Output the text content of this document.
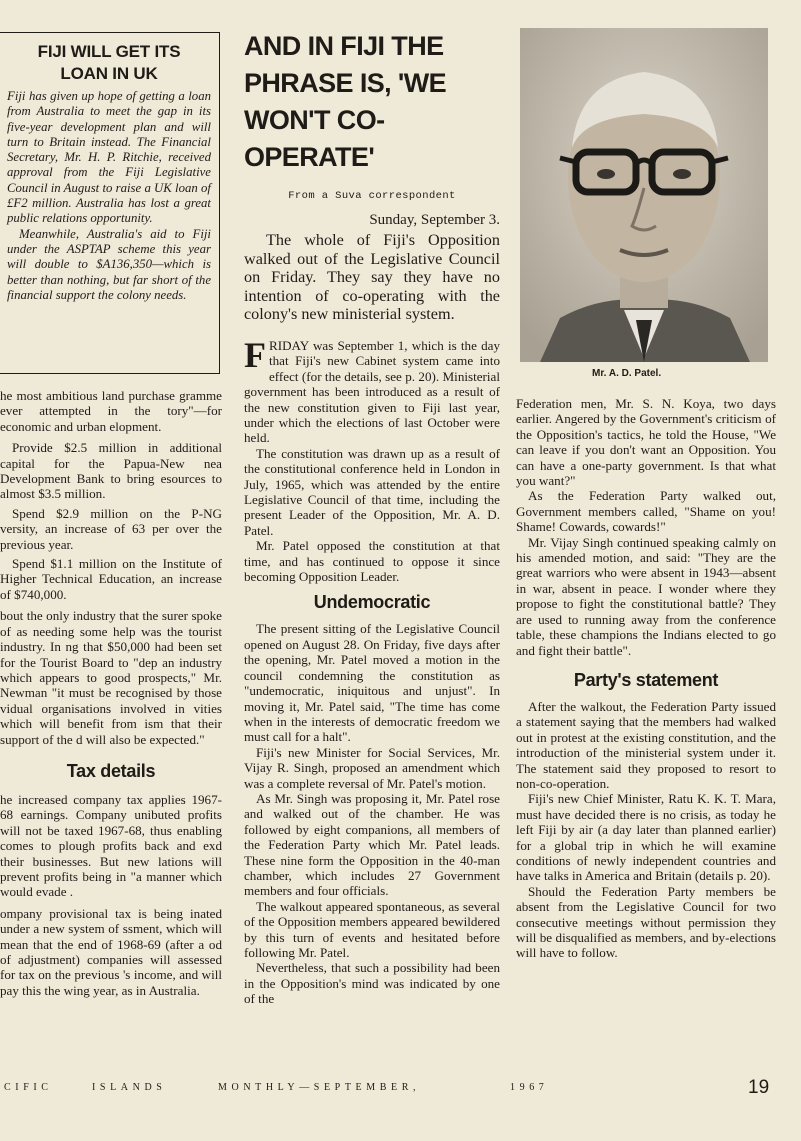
FIJI WILL GET ITS LOAN IN UK

Fiji has given up hope of getting a loan from Australia to meet the gap in its five-year development plan and will turn to Britain instead. The Financial Secretary, Mr. H. P. Ritchie, received approval from the Fiji Legislative Council in August to raise a UK loan of £F2 million. Australia has lost a great public relations opportunity.

Meanwhile, Australia's aid to Fiji under the ASPTAP scheme this year will double to $A136,350—which is better than nothing, but far short of the financial support the colony needs.

he most ambitious land purchase gramme ever attempted in the tory"—for economic and urban elopment.

Provide $2.5 million in additional capital for the Papua-New nea Development Bank to bring esources to almost $3.5 million.

Spend $2.9 million on the P-NG versity, an increase of 63 per over the previous year.

Spend $1.1 million on the Institute of Higher Technical Education, an increase of $740,000.

bout the only industry that the surer spoke of as needing some help was the tourist industry. In ng that $50,000 had been set for the Tourist Board to "dep an industry which appears to good prospects," Mr. Newman "it must be recognised by those vidual organisations involved in vities which will benefit from ism that their support of the d will also be expected."

Tax details

he increased company tax applies 1967-68 earnings. Company unibuted profits will not be taxed 1967-68, thus enabling comes to plough profits back and exd their businesses. But new lations will prevent profits being in "a manner which would evade .

ompany provisional tax is being inated under a new system of ssment, which will mean that the end of 1968-69 (after a od of adjustment) companies will assessed for tax on the previous 's income, and will pay this the wing year, as in Australia.

AND IN FIJI THE PHRASE IS, 'WE WON'T CO-OPERATE'

From a Suva correspondent

Sunday, September 3.

The whole of Fiji's Opposition walked out of the Legislative Council on Friday. They say they have no intention of co-operating with the colony's new ministerial system.

F RIDAY was September 1, which is the day that Fiji's new Cabinet system came into effect (for the details, see p. 20). Ministerial government has been introduced as a result of the new constitution given to Fiji last year, under which the elections of last October were held.

The constitution was drawn up as a result of the constitutional conference held in London in July, 1965, which was attended by the entire Legislative Council of that time, including the present Leader of the Opposition, Mr. A. D. Patel.

Mr. Patel opposed the constitution at that time, and has continued to oppose it since becoming Opposition Leader.

Undemocratic

The present sitting of the Legislative Council opened on August 28. On Friday, five days after the opening, Mr. Patel moved a motion in the council condemning the constitution as "undemocratic, iniquitous and unjust". In moving it, Mr. Patel said, "The time has come when in the interests of democratic freedom we must call for a halt".

Fiji's new Minister for Social Services, Mr. Vijay R. Singh, proposed an amendment which was a complete reversal of Mr. Patel's motion.

As Mr. Singh was proposing it, Mr. Patel rose and walked out of the chamber. He was followed by eight companions, all members of the Federation Party which Mr. Patel leads. These nine form the Opposition in the 40-man chamber, which includes 27 Government members and four officials.

The walkout appeared spontaneous, as several of the Opposition members appeared bewildered by this turn of events and hesitated before following Mr. Patel.

Nevertheless, that such a possibility had been in the Opposition's mind was indicated by one of the

Mr. A. D. Patel.

Federation men, Mr. S. N. Koya, two days earlier. Angered by the Government's criticism of the Opposition's tactics, he told the House, "We can leave if you don't want an Opposition. You can have a one-party government. Is that what you want?"

As the Federation Party walked out, Government members called, "Shame on you! Shame! Cowards, cowards!"

Mr. Vijay Singh continued speaking calmly on his amended motion, and said: "They are the great warriors who were absent in 1943—absent in war, absent in peace. I wonder where they propose to fight the constitutional battle? They are used to running away from the conference table, these champions the Indians elected to go and fight their battle".

Party's statement

After the walkout, the Federation Party issued a statement saying that the members had walked out in protest at the existing constitution, and the introduction of the ministerial system under it. The statement said they proposed to resort to non-co-operation.

Fiji's new Chief Minister, Ratu K. K. T. Mara, must have decided there is no crisis, as today he left Fiji by air (a day later than planned earlier) for a global trip in which he will examine conditions of newly independent countries and have talks in America and Britain (details p. 20).

Should the Federation Party members be absent from the Legislative Council for two consecutive meetings without permission they will be disqualified as members, and by-elections will have to follow.

CIFIC	ISLANDS	MONTHLY—SEPTEMBER,	1967	19
